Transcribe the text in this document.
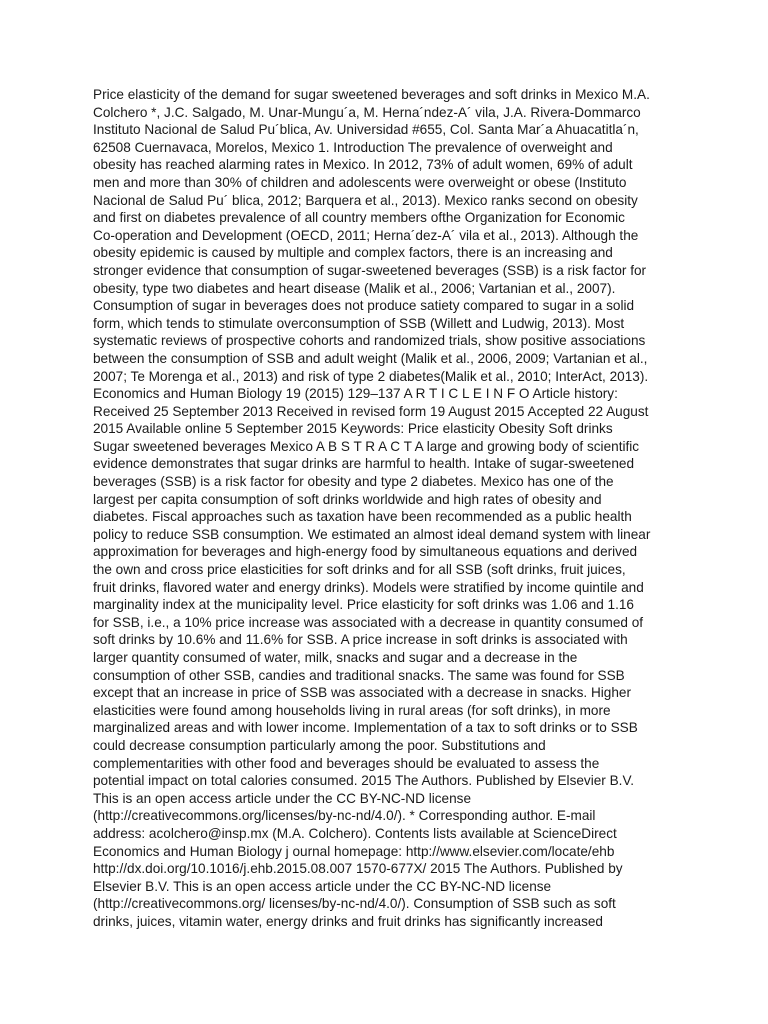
Price elasticity of the demand for sugar sweetened beverages and soft drinks in Mexico M.A.
Colchero *, J.C. Salgado, M. Unar-Mungu´a, M. Herna´ndez-A´ vila, J.A. Rivera-Dommarco
Instituto Nacional de Salud Pu´blica, Av. Universidad #655, Col. Santa Mar´a Ahuacatitla´n,
62508 Cuernavaca, Morelos, Mexico 1. Introduction The prevalence of overweight and
obesity has reached alarming rates in Mexico. In 2012, 73% of adult women, 69% of adult
men and more than 30% of children and adolescents were overweight or obese (Instituto
Nacional de Salud Pu´ blica, 2012; Barquera et al., 2013). Mexico ranks second on obesity
and first on diabetes prevalence of all country members ofthe Organization for Economic
Co-operation and Development (OECD, 2011; Herna´dez-A´ vila et al., 2013). Although the
obesity epidemic is caused by multiple and complex factors, there is an increasing and
stronger evidence that consumption of sugar-sweetened beverages (SSB) is a risk factor for
obesity, type two diabetes and heart disease (Malik et al., 2006; Vartanian et al., 2007).
Consumption of sugar in beverages does not produce satiety compared to sugar in a solid
form, which tends to stimulate overconsumption of SSB (Willett and Ludwig, 2013). Most
systematic reviews of prospective cohorts and randomized trials, show positive associations
between the consumption of SSB and adult weight (Malik et al., 2006, 2009; Vartanian et al.,
2007; Te Morenga et al., 2013) and risk of type 2 diabetes(Malik et al., 2010; InterAct, 2013).
Economics and Human Biology 19 (2015) 129–137 A R T I C L E I N F O Article history:
Received 25 September 2013 Received in revised form 19 August 2015 Accepted 22 August
2015 Available online 5 September 2015 Keywords: Price elasticity Obesity Soft drinks
Sugar sweetened beverages Mexico A B S T R A C T A large and growing body of scientific
evidence demonstrates that sugar drinks are harmful to health. Intake of sugar-sweetened
beverages (SSB) is a risk factor for obesity and type 2 diabetes. Mexico has one of the
largest per capita consumption of soft drinks worldwide and high rates of obesity and
diabetes. Fiscal approaches such as taxation have been recommended as a public health
policy to reduce SSB consumption. We estimated an almost ideal demand system with linear
approximation for beverages and high-energy food by simultaneous equations and derived
the own and cross price elasticities for soft drinks and for all SSB (soft drinks, fruit juices,
fruit drinks, flavored water and energy drinks). Models were stratified by income quintile and
marginality index at the municipality level. Price elasticity for soft drinks was 1.06 and 1.16
for SSB, i.e., a 10% price increase was associated with a decrease in quantity consumed of
soft drinks by 10.6% and 11.6% for SSB. A price increase in soft drinks is associated with
larger quantity consumed of water, milk, snacks and sugar and a decrease in the
consumption of other SSB, candies and traditional snacks. The same was found for SSB
except that an increase in price of SSB was associated with a decrease in snacks. Higher
elasticities were found among households living in rural areas (for soft drinks), in more
marginalized areas and with lower income. Implementation of a tax to soft drinks or to SSB
could decrease consumption particularly among the poor. Substitutions and
complementarities with other food and beverages should be evaluated to assess the
potential impact on total calories consumed. 2015 The Authors. Published by Elsevier B.V.
This is an open access article under the CC BY-NC-ND license
(http://creativecommons.org/licenses/by-nc-nd/4.0/). * Corresponding author. E-mail
address: acolchero@insp.mx (M.A. Colchero). Contents lists available at ScienceDirect
Economics and Human Biology j ournal homepage: http://www.elsevier.com/locate/ehb
http://dx.doi.org/10.1016/j.ehb.2015.08.007 1570-677X/ 2015 The Authors. Published by
Elsevier B.V. This is an open access article under the CC BY-NC-ND license
(http://creativecommons.org/ licenses/by-nc-nd/4.0/). Consumption of SSB such as soft
drinks, juices, vitamin water, energy drinks and fruit drinks has significantly increased
